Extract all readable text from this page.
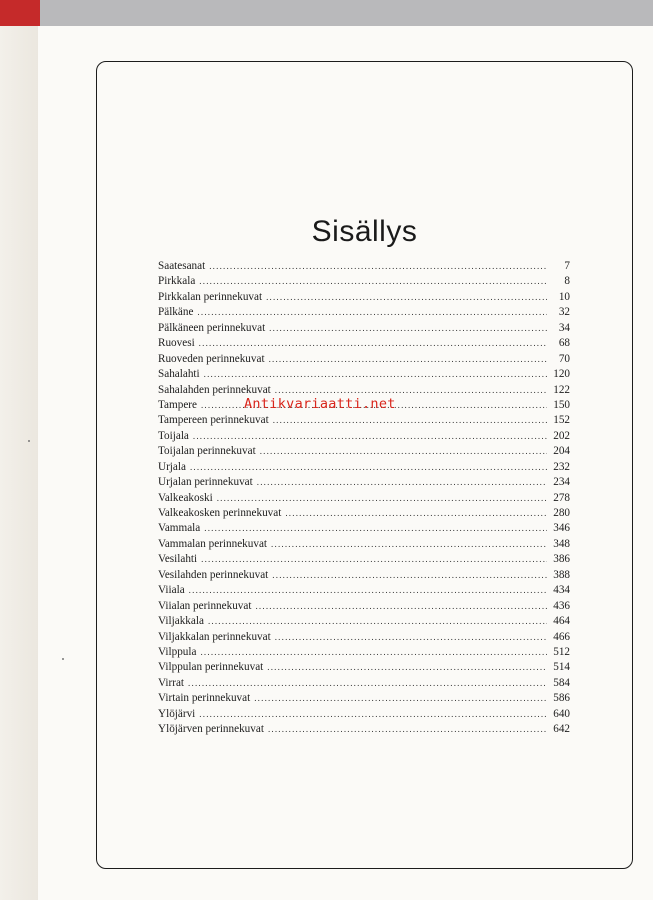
Sisällys
Saatesanat .....	7
Pirkkala .....	8
Pirkkalan perinnekuvat .....	10
Pälkäne .....	32
Pälkäneen perinnekuvat .....	34
Ruovesi .....	68
Ruoveden perinnekuvat .....	70
Sahalahti .....	120
Sahalahden perinnekuvat .....	122
Tampere .....	150
Tampereen perinnekuvat .....	152
Toijala .....	202
Toijalan perinnekuvat .....	204
Urjala .....	232
Urjalan perinnekuvat .....	234
Valkeakoski .....	278
Valkeakosken perinnekuvat .....	280
Vammala .....	346
Vammalan perinnekuvat .....	348
Vesilahti .....	386
Vesilahden perinnekuvat .....	388
Viiala .....	434
Viialan perinnekuvat .....	436
Viljakkala .....	464
Viljakkalan perinnekuvat .....	466
Vilppula .....	512
Vilppulan perinnekuvat .....	514
Virrat .....	584
Virtain perinnekuvat .....	586
Ylöjärvi .....	640
Ylöjärven perinnekuvat .....	642
Antikvariaatti.net
